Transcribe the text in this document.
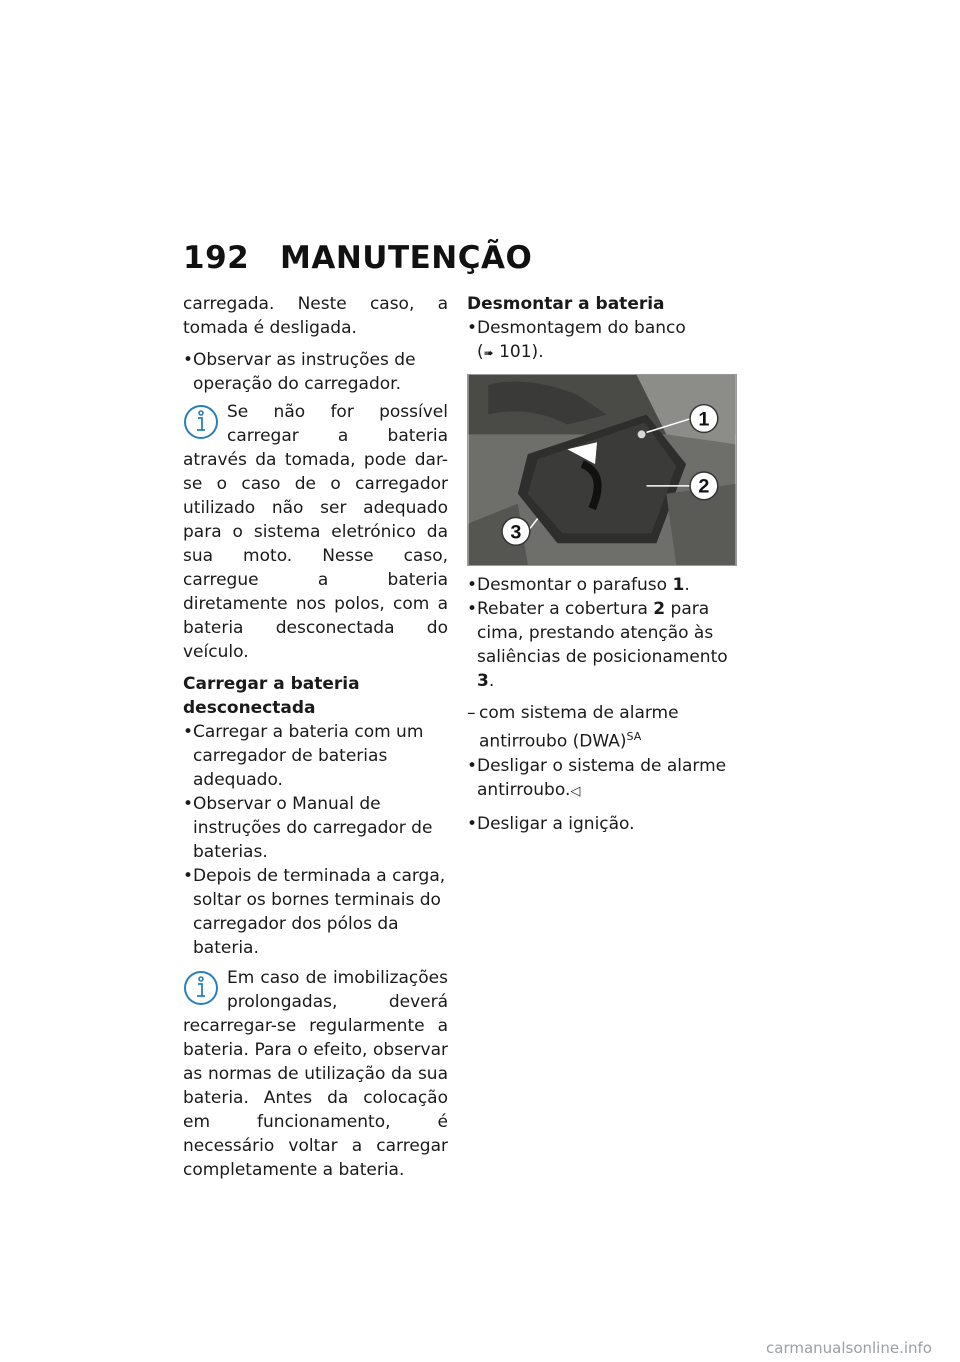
192 MANUTENÇÃO

carregada. Neste caso, a tomada é desligada.

• Observar as instruções de operação do carregador.

Se não for possível carregar a bateria através da tomada, pode dar-se o caso de o carregador utilizado não ser adequado para o sistema eletrónico da sua moto. Nesse caso, carregue a bateria diretamente nos polos, com a bateria desconectada do veículo.

Carregar a bateria desconectada

• Carregar a bateria com um carregador de baterias adequado.

• Observar o Manual de instruções do carregador de baterias.

• Depois de terminada a carga, soltar os bornes terminais do carregador dos pólos da bateria.

Em caso de imobilizações prolongadas, deverá recarregar-se regularmente a bateria. Para o efeito, observar as normas de utilização da sua bateria. Antes da colocação em funcionamento, é necessário voltar a carregar completamente a bateria.

Desmontar a bateria

• Desmontagem do banco
(➠ 101).

1
2
3

• Desmontar o parafuso 1.

• Rebater a cobertura 2 para cima, prestando atenção às saliências de posicionamento 3.

– com sistema de alarme antirroubo (DWA)$^{SA}$

• Desligar o sistema de alarme antirroubo.◁

• Desligar a ignição.

carmanualsonline.info
